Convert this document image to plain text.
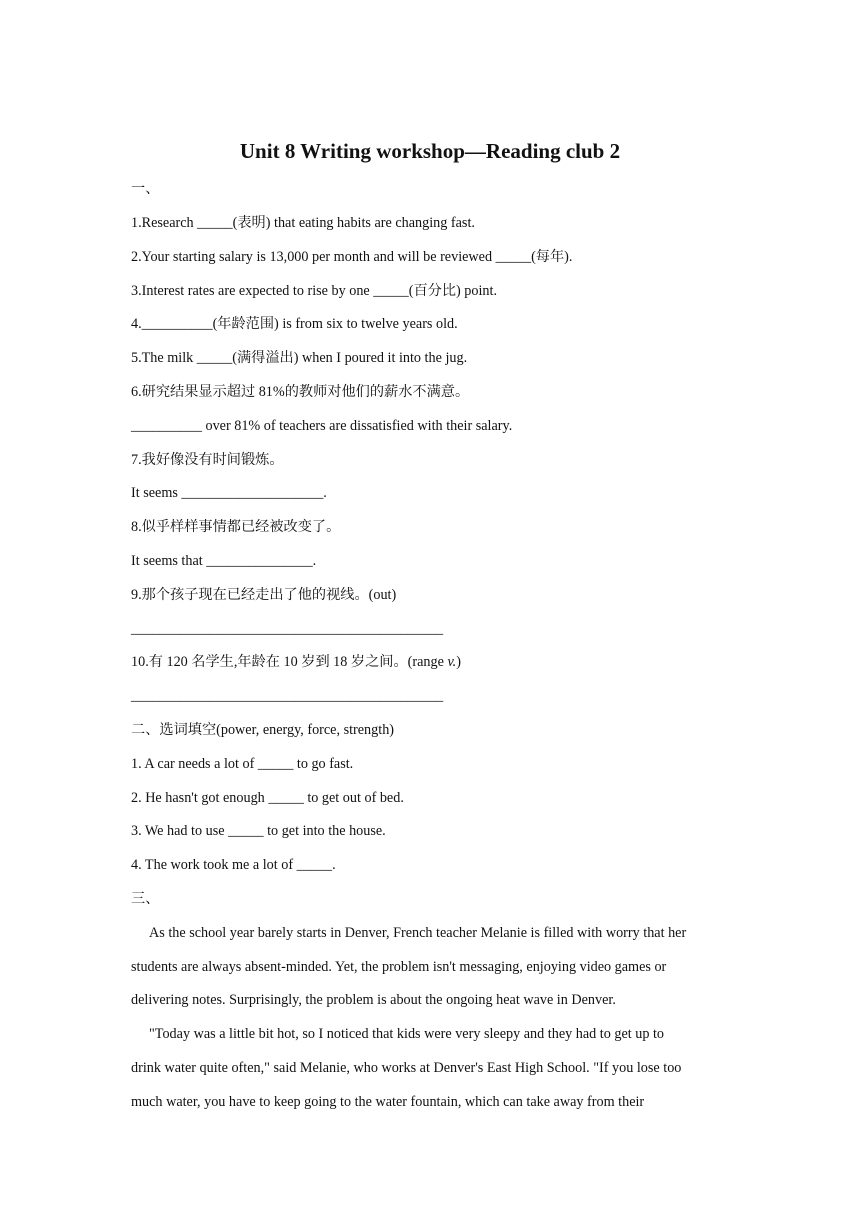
Unit 8 Writing workshop—Reading club 2
一、
1.Research _____(表明) that eating habits are changing fast.
2.Your starting salary is 13,000 per month and will be reviewed _____(每年).
3.Interest rates are expected to rise by one _____(百分比) point.
4.__________(年龄范围) is from six to twelve years old.
5.The milk _____(满得溢出) when I poured it into the jug.
6.研究结果显示超过 81%的教师对他们的薪水不满意。
__________ over 81% of teachers are dissatisfied with their salary.
7.我好像没有时间锻炼。
It seems ____________________.
8.似乎样样事情都已经被改变了。
It seems that _______________.
9.那个孩子现在已经走出了他的视线。(out)
____________________________________________
10.有 120 名学生,年龄在 10 岁到 18 岁之间。(range v.)
____________________________________________
二、选词填空(power, energy, force, strength)
1. A car needs a lot of _____ to go fast.
2. He hasn't got enough _____ to get out of bed.
3. We had to use _____ to get into the house.
4. The work took me a lot of _____.
三、
As the school year barely starts in Denver, French teacher Melanie is filled with worry that her
students are always absent-minded. Yet, the problem isn't messaging, enjoying video games or
delivering notes. Surprisingly, the problem is about the ongoing heat wave in Denver.
"Today was a little bit hot, so I noticed that kids were very sleepy and they had to get up to
drink water quite often," said Melanie, who works at Denver's East High School. "If you lose too
much water, you have to keep going to the water fountain, which can take away from their
